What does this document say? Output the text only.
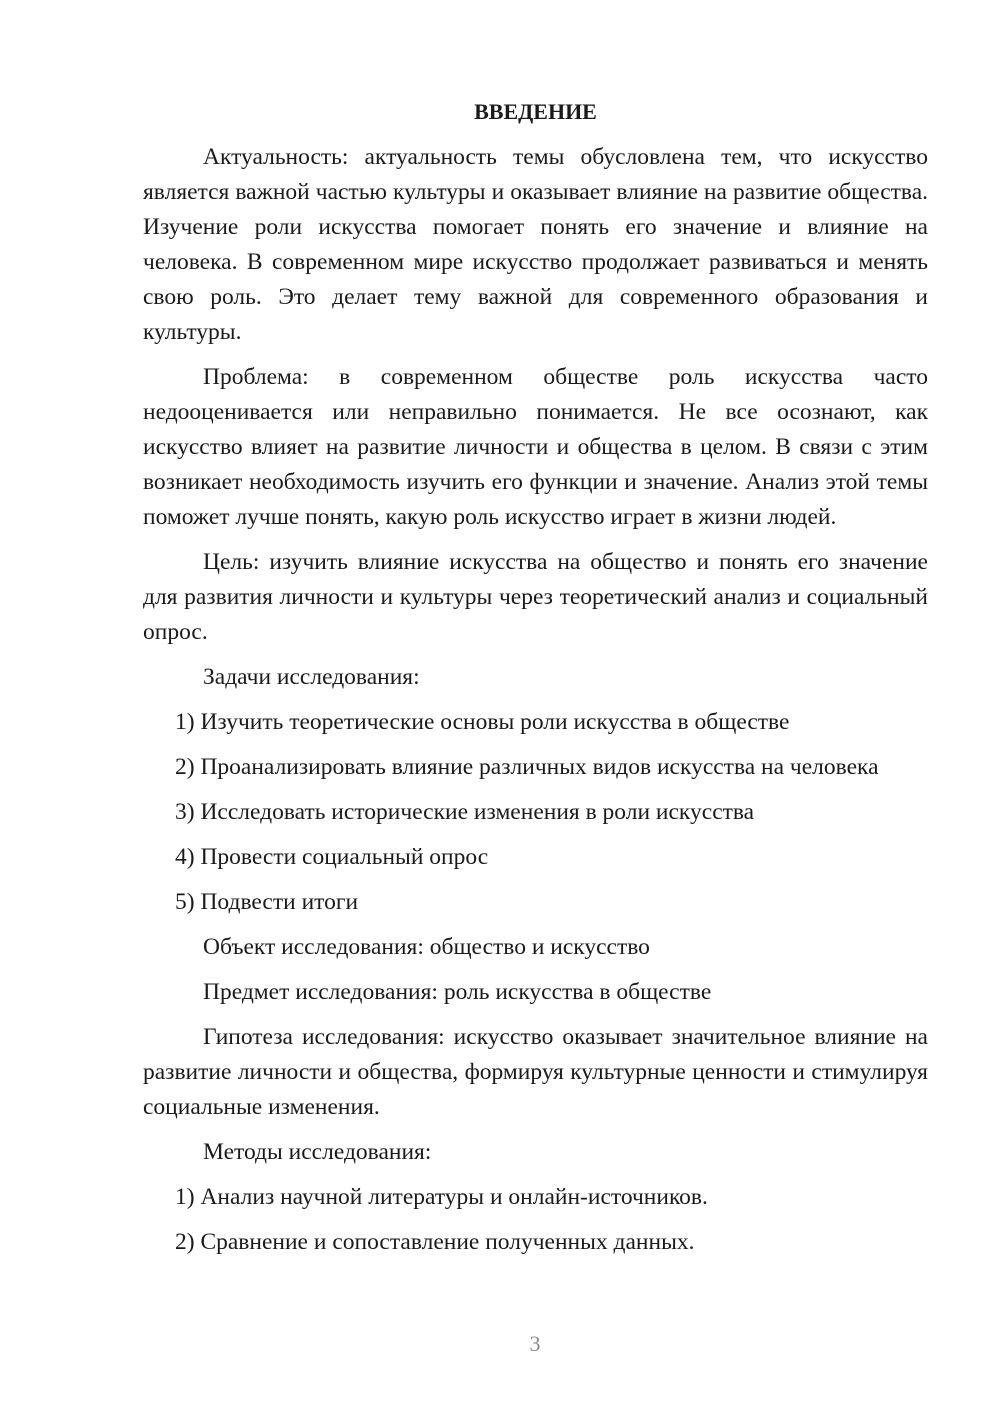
ВВЕДЕНИЕ

Актуальность: актуальность темы обусловлена тем, что искусство является важной частью культуры и оказывает влияние на развитие общества. Изучение роли искусства помогает понять его значение и влияние на человека. В современном мире искусство продолжает развиваться и менять свою роль. Это делает тему важной для современного образования и культуры.

Проблема: в современном обществе роль искусства часто недооценивается или неправильно понимается. Не все осознают, как искусство влияет на развитие личности и общества в целом. В связи с этим возникает необходимость изучить его функции и значение. Анализ этой темы поможет лучше понять, какую роль искусство играет в жизни людей.

Цель: изучить влияние искусства на общество и понять его значение для развития личности и культуры через теоретический анализ и социальный опрос.

Задачи исследования:

1) Изучить теоретические основы роли искусства в обществе

2) Проанализировать влияние различных видов искусства на человека

3) Исследовать исторические изменения в роли искусства

4) Провести социальный опрос

5) Подвести итоги

Объект исследования: общество и искусство

Предмет исследования: роль искусства в обществе

Гипотеза исследования: искусство оказывает значительное влияние на развитие личности и общества, формируя культурные ценности и стимулируя социальные изменения.

Методы исследования:

1) Анализ научной литературы и онлайн-источников.

2) Сравнение и сопоставление полученных данных.

3
